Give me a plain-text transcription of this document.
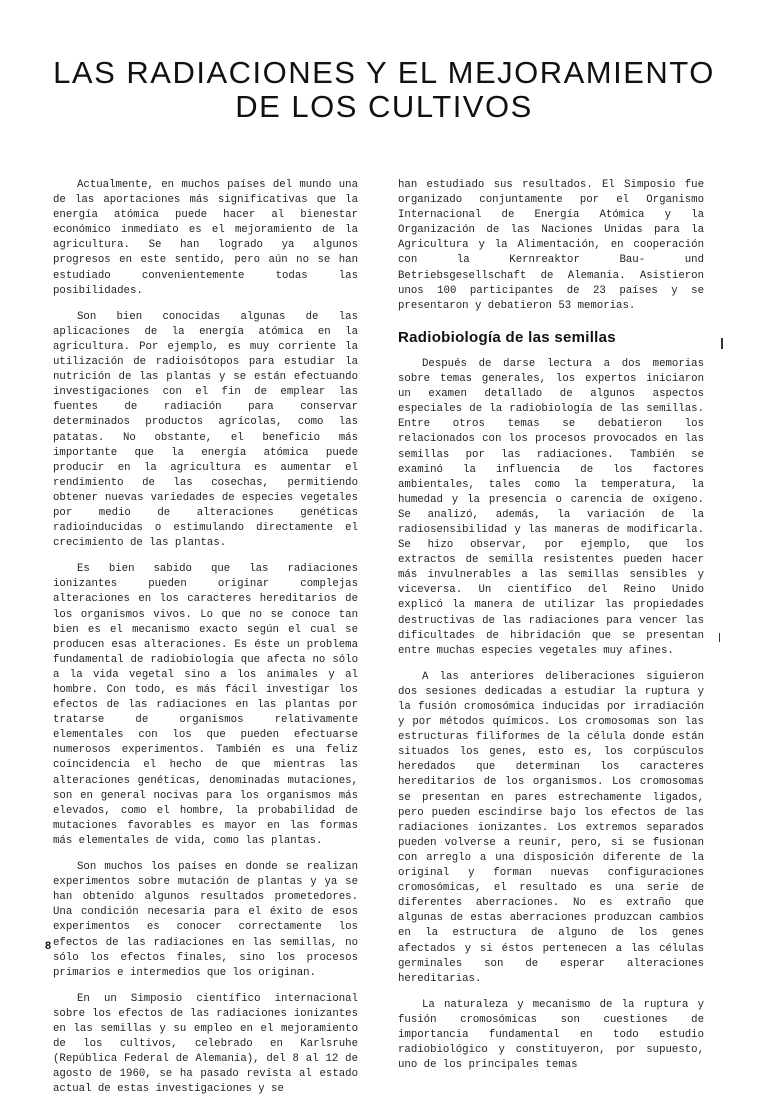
LAS RADIACIONES Y EL MEJORAMIENTO
DE LOS CULTIVOS

Actualmente, en muchos países del mundo una de las aportaciones más significativas que la energía atómica puede hacer al bienestar económico inmediato es el mejoramiento de la agricultura. Se han logrado ya algunos progresos en este sentido, pero aún no se han estudiado convenientemente todas las posibilidades.

Son bien conocidas algunas de las aplicaciones de la energía atómica en la agricultura. Por ejemplo, es muy corriente la utilización de radioisótopos para estudiar la nutrición de las plantas y se están efectuando investigaciones con el fin de emplear las fuentes de radiación para conservar determinados productos agrícolas, como las patatas. No obstante, el beneficio más importante que la energía atómica puede producir en la agricultura es aumentar el rendimiento de las cosechas, permitiendo obtener nuevas variedades de especies vegetales por medio de alteraciones genéticas radioinducidas o estimulando directamente el crecimiento de las plantas.

Es bien sabido que las radiaciones ionizantes pueden originar complejas alteraciones en los caracteres hereditarios de los organismos vivos. Lo que no se conoce tan bien es el mecanismo exacto según el cual se producen esas alteraciones. Es éste un problema fundamental de radiobiología que afecta no sólo a la vida vegetal sino a los animales y al hombre. Con todo, es más fácil investigar los efectos de las radiaciones en las plantas por tratarse de organismos relativamente elementales con los que pueden efectuarse numerosos experimentos. También es una feliz coincidencia el hecho de que mientras las alteraciones genéticas, denominadas mutaciones, son en general nocivas para los organismos más elevados, como el hombre, la probabilidad de mutaciones favorables es mayor en las formas más elementales de vida, como las plantas.

Son muchos los países en donde se realizan experimentos sobre mutación de plantas y ya se han obtenido algunos resultados prometedores. Una condición necesaria para el éxito de esos experimentos es conocer correctamente los efectos de las radiaciones en las semillas, no sólo los efectos finales, sino los procesos primarios e intermedios que los originan.

En un Simposio científico internacional sobre los efectos de las radiaciones ionizantes en las semillas y su empleo en el mejoramiento de los cultivos, celebrado en Karlsruhe (República Federal de Alemania), del 8 al 12 de agosto de 1960, se ha pasado revista al estado actual de estas investigaciones y se

han estudiado sus resultados. El Simposio fue organizado conjuntamente por el Organismo Internacional de Energía Atómica y la Organización de las Naciones Unidas para la Agricultura y la Alimentación, en cooperación con la Kernreaktor Bau- und Betriebsgesellschaft de Alemania. Asistieron unos 100 participantes de 23 países y se presentaron y debatieron 53 memorias.

Radiobiología de las semillas

Después de darse lectura a dos memorias sobre temas generales, los expertos iniciaron un examen detallado de algunos aspectos especiales de la radiobiología de las semillas. Entre otros temas se debatieron los relacionados con los procesos provocados en las semillas por las radiaciones. También se examinó la influencia de los factores ambientales, tales como la temperatura, la humedad y la presencia o carencia de oxígeno. Se analizó, además, la variación de la radiosensibilidad y las maneras de modificarla. Se hizo observar, por ejemplo, que los extractos de semilla resistentes pueden hacer más invulnerables a las semillas sensibles y viceversa. Un científico del Reino Unido explicó la manera de utilizar las propiedades destructivas de las radiaciones para vencer las dificultades de hibridación que se presentan entre muchas especies vegetales muy afines.

A las anteriores deliberaciones siguieron dos sesiones dedicadas a estudiar la ruptura y la fusión cromosómica inducidas por irradiación y por métodos químicos. Los cromosomas son las estructuras filiformes de la célula donde están situados los genes, esto es, los corpúsculos heredados que determinan los caracteres hereditarios de los organismos. Los cromosomas se presentan en pares estrechamente ligados, pero pueden escindirse bajo los efectos de las radiaciones ionizantes. Los extremos separados pueden volverse a reunir, pero, si se fusionan con arreglo a una disposición diferente de la original y forman nuevas configuraciones cromosómicas, el resultado es una serie de diferentes aberraciones. No es extraño que algunas de estas aberraciones produzcan cambios en la estructura de alguno de los genes afectados y si éstos pertenecen a las células germinales son de esperar alteraciones hereditarias.

La naturaleza y mecanismo de la ruptura y fusión cromosómicas son cuestiones de importancia fundamental en todo estudio radiobiológico y constituyeron, por supuesto, uno de los principales temas

8
